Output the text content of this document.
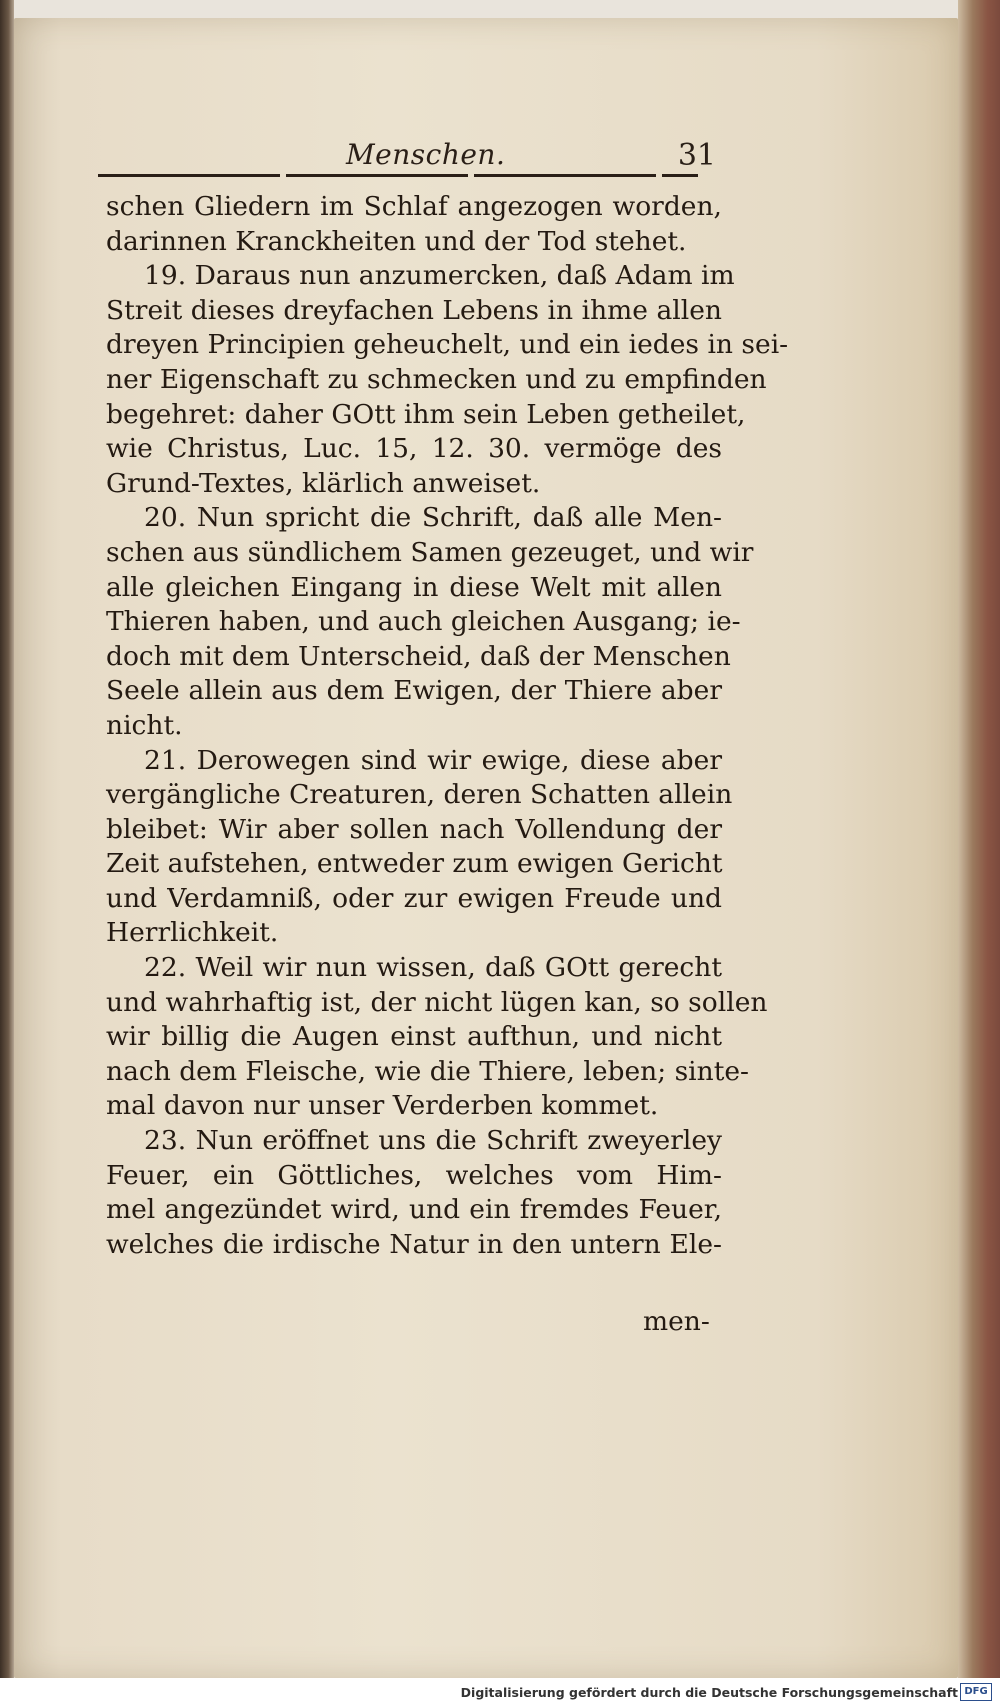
Menschen.	31
schen Gliedern im Schlaf angezogen worden,
darinnen Kranckheiten und der Tod stehet.
19. Daraus nun anzumercken, daß Adam im
Streit dieses dreyfachen Lebens in ihme allen
dreyen Principien geheuchelt, und ein iedes in sei-
ner Eigenschaft zu schmecken und zu empfinden
begehret: daher GOtt ihm sein Leben getheilet,
wie Christus, Luc. 15, 12. 30. vermöge des
Grund-Textes, klärlich anweiset.
20. Nun spricht die Schrift, daß alle Men-
schen aus sündlichem Samen gezeuget, und wir
alle gleichen Eingang in diese Welt mit allen
Thieren haben, und auch gleichen Ausgang; ie-
doch mit dem Unterscheid, daß der Menschen
Seele allein aus dem Ewigen, der Thiere aber
nicht.
21. Derowegen sind wir ewige, diese aber
vergängliche Creaturen, deren Schatten allein
bleibet: Wir aber sollen nach Vollendung der
Zeit aufstehen, entweder zum ewigen Gericht
und Verdamniß, oder zur ewigen Freude und
Herrlichkeit.
22. Weil wir nun wissen, daß GOtt gerecht
und wahrhaftig ist, der nicht lügen kan, so sollen
wir billig die Augen einst aufthun, und nicht
nach dem Fleische, wie die Thiere, leben; sinte-
mal davon nur unser Verderben kommet.
23. Nun eröffnet uns die Schrift zweyerley
Feuer, ein Göttliches, welches vom Him-
mel angezündet wird, und ein fremdes Feuer,
welches die irdische Natur in den untern Ele-
men-
Digitalisierung gefördert durch die Deutsche Forschungsgemeinschaft DFG
